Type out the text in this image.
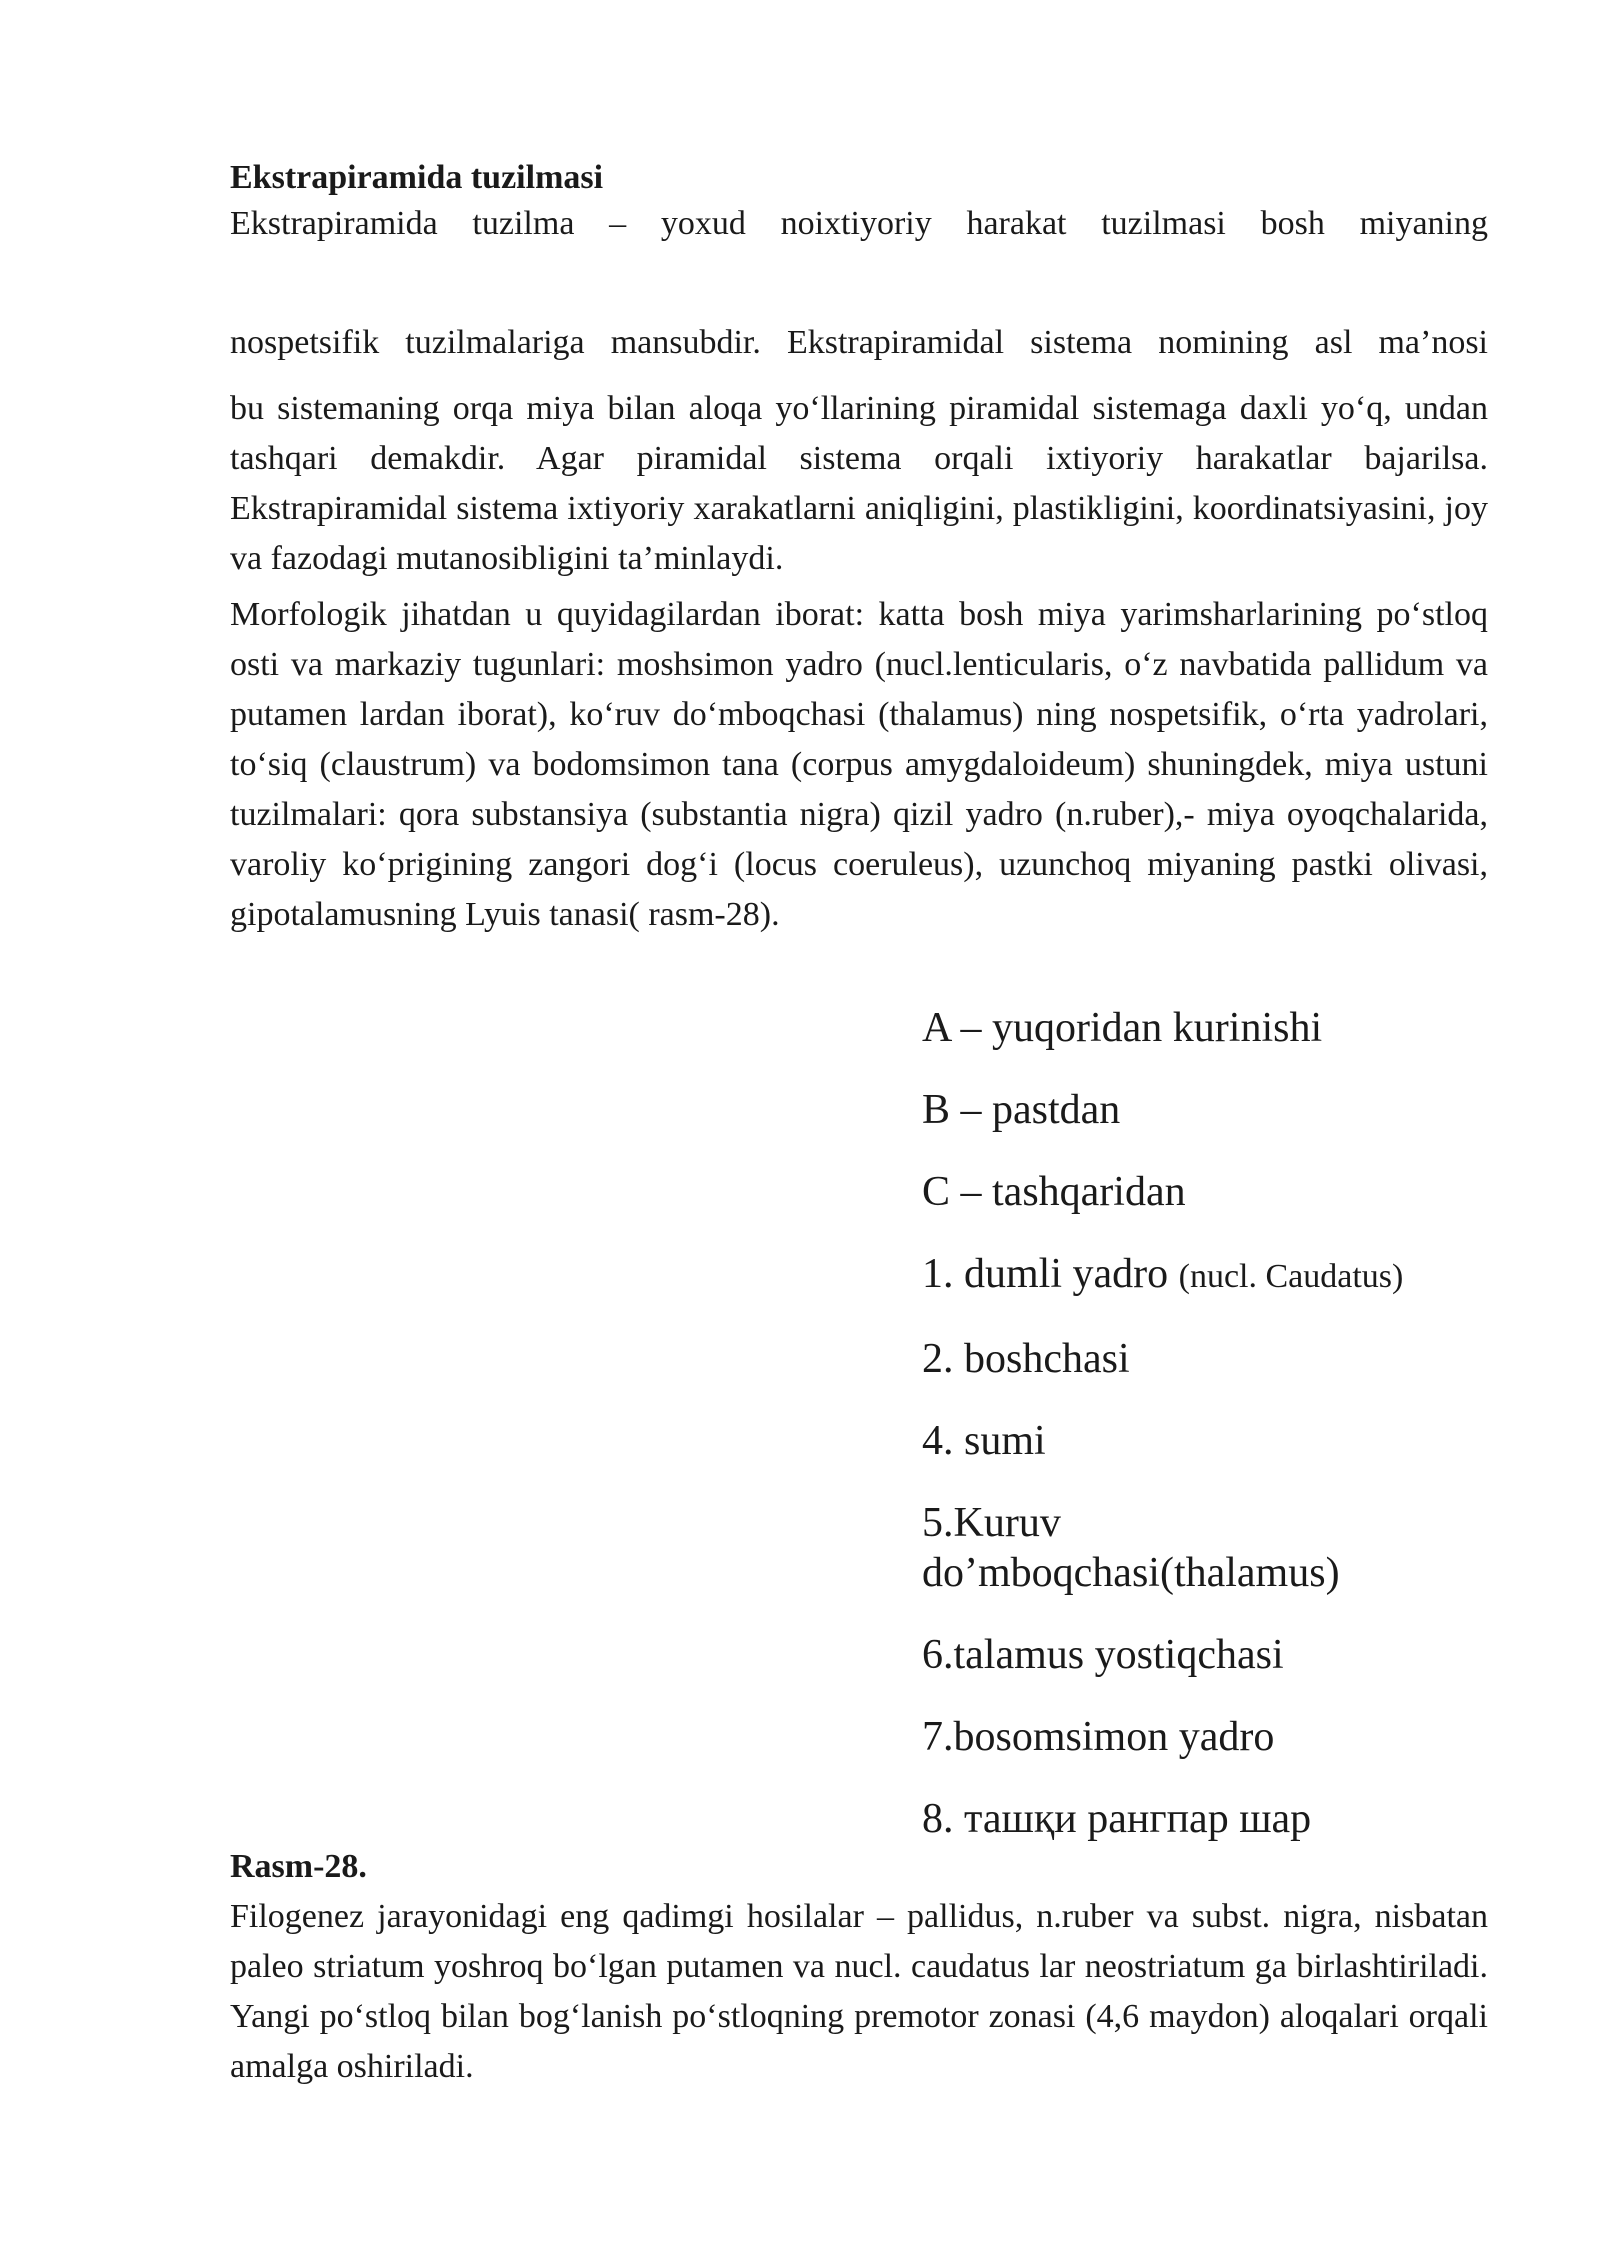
Ekstrapiramida tuzilmasi
Ekstrapiramida tuzilma – yoxud noixtiyoriy harakat tuzilmasi bosh miyaning
nospetsifik tuzilmalariga mansubdir. Ekstrapiramidal sistema nomining asl ma’nosi
bu sistemaning orqa miya bilan aloqa yo‘llarining piramidal sistemaga daxli yo‘q, undan tashqari demakdir. Agar piramidal sistema orqali ixtiyoriy harakatlar bajarilsa. Ekstrapiramidal sistema ixtiyoriy xarakatlarni aniqligini, plastikligini, koordinatsiyasini, joy va fazodagi mutanosibligini ta’minlaydi.
Morfologik jihatdan u quyidagilardan iborat: katta bosh miya yarimsharlarining po‘stloq osti va markaziy tugunlari: moshsimon yadro (nucl.lenticularis, o‘z navbatida pallidum va putamen lardan iborat), ko‘ruv do‘mboqchasi (thalamus) ning nospetsifik, o‘rta yadrolari, to‘siq (claustrum) va bodomsimon tana (corpus amygdaloideum) shuningdek, miya ustuni tuzilmalari: qora substansiya (substantia nigra) qizil yadro (n.ruber),- miya oyoqchalarida, varoliy ko‘prigining zangori dog‘i (locus coeruleus), uzunchoq miyaning pastki olivasi, gipotalamusning Lyuis tanasi( rasm-28).

A – yuqoridan kurinishi

B – pastdan

C – tashqaridan

1. dumli yadro (nucl. Caudatus)

2. boshchasi

4. sumi

5.Kuruv
do’mboqchasi(thalamus)

6.talamus yostiqchasi

7.bosomsimon yadro

8. ташқи рангпар шар

Rasm-28.
Filogenez jarayonidagi eng qadimgi hosilalar – pallidus, n.ruber va subst. nigra, nisbatan paleo striatum yoshroq bo‘lgan putamen va nucl. caudatus lar neostriatum ga birlashtiriladi. Yangi po‘stloq bilan bog‘lanish po‘stloqning premotor zonasi (4,6 maydon) aloqalari orqali amalga oshiriladi.
